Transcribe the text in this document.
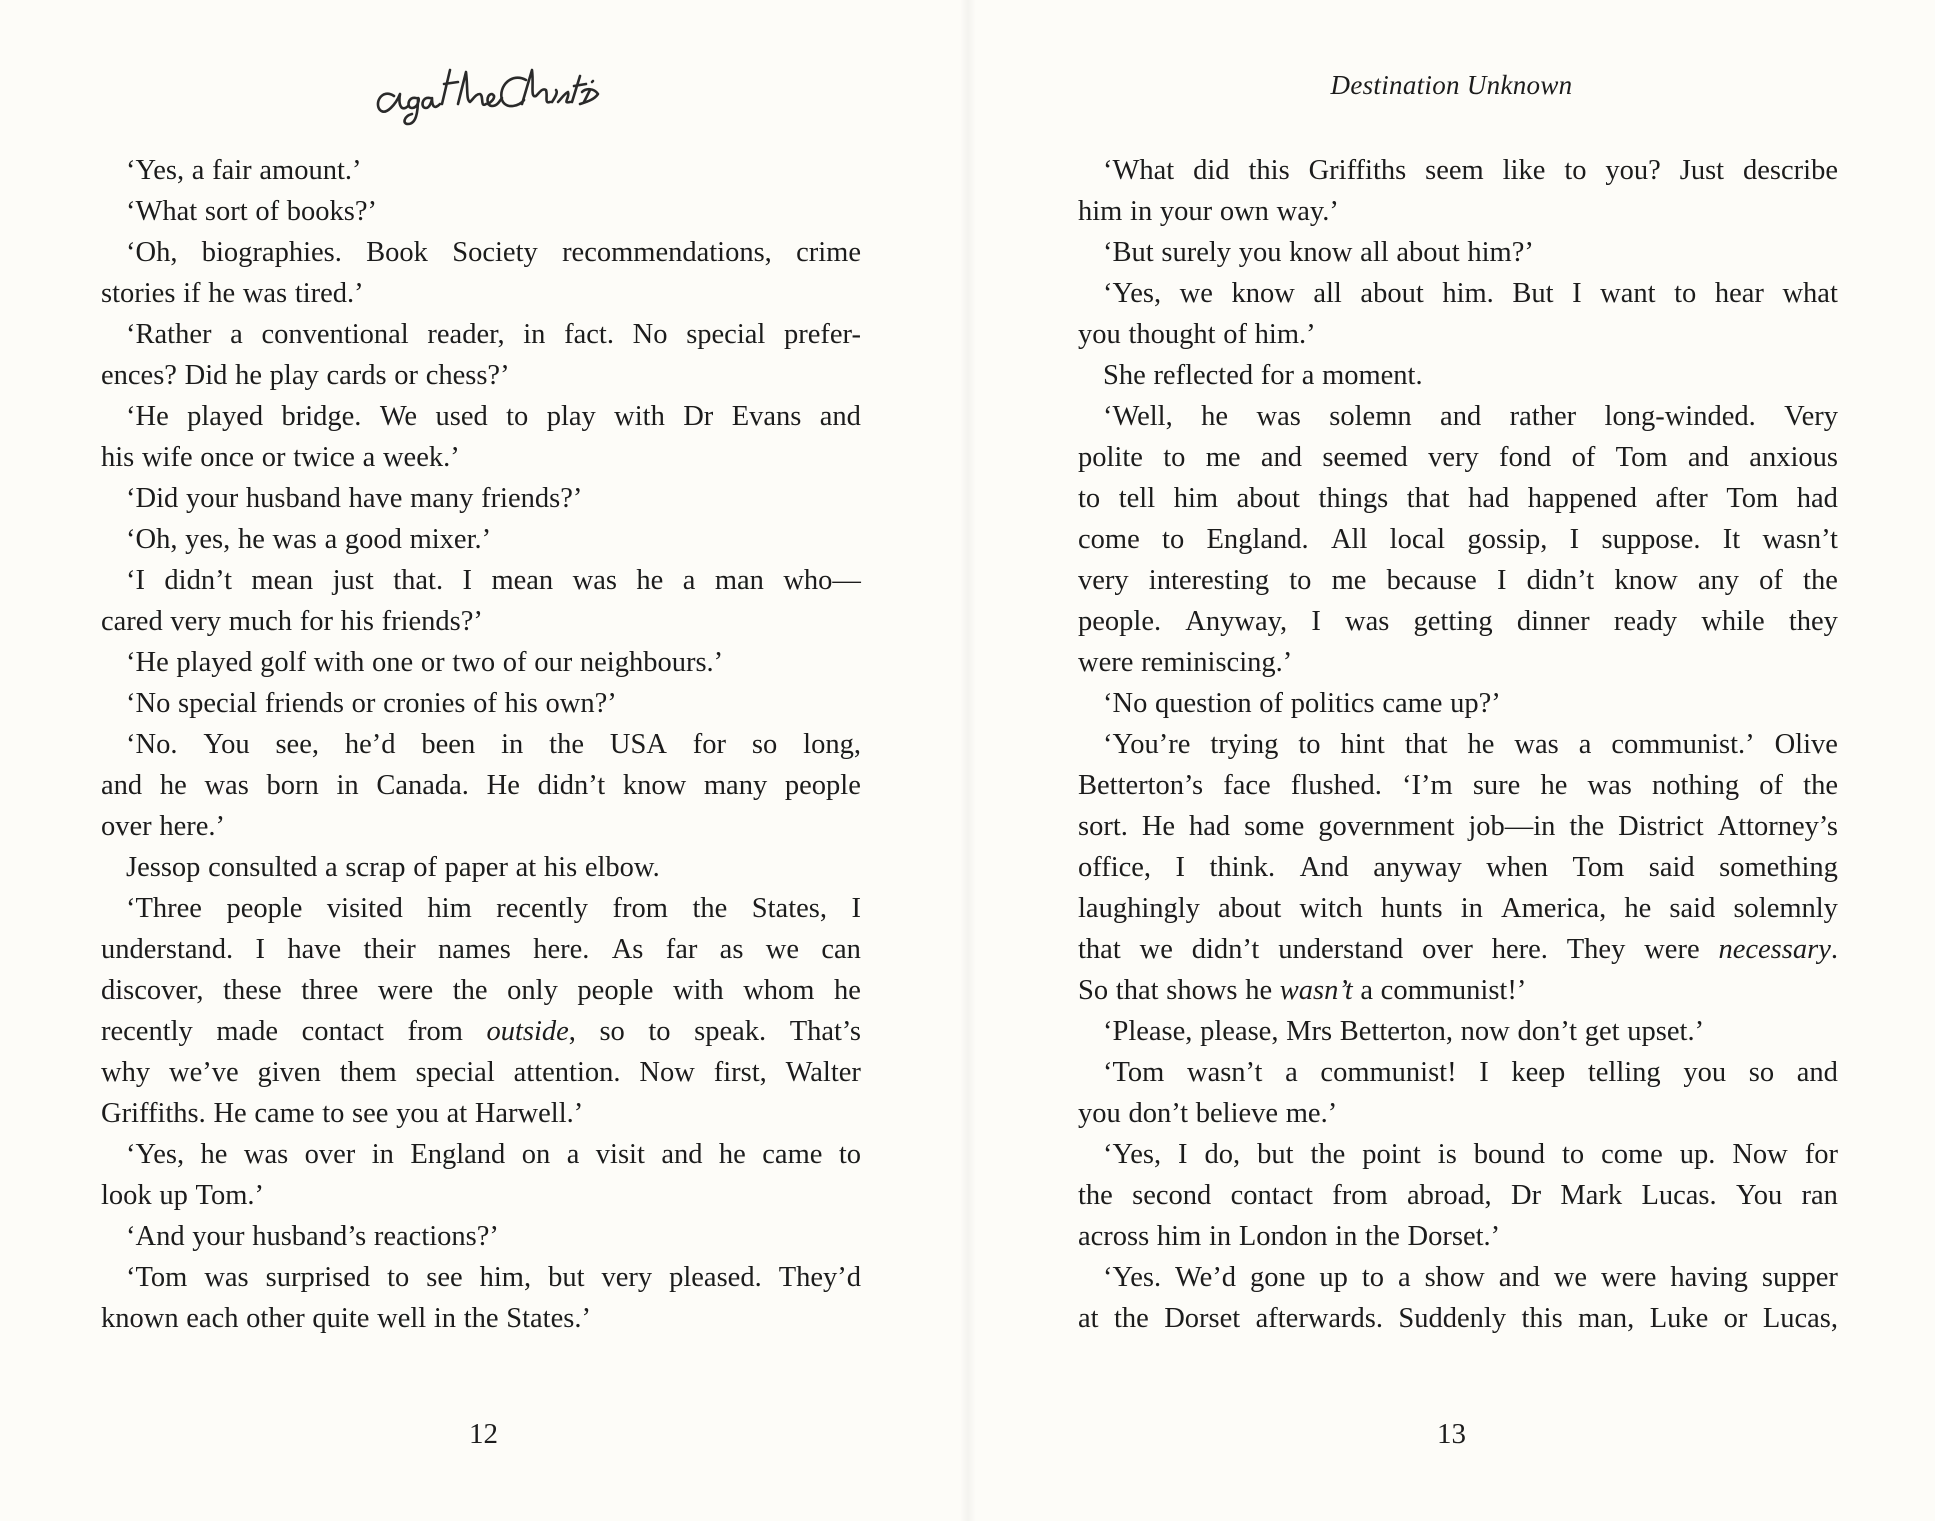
‘Yes, a fair amount.’
‘What sort of books?’
‘Oh, biographies. Book Society recommendations, crime
stories if he was tired.’
‘Rather a conventional reader, in fact. No special prefer-
ences? Did he play cards or chess?’
‘He played bridge. We used to play with Dr Evans and
his wife once or twice a week.’
‘Did your husband have many friends?’
‘Oh, yes, he was a good mixer.’
‘I didn’t mean just that. I mean was he a man who—
cared very much for his friends?’
‘He played golf with one or two of our neighbours.’
‘No special friends or cronies of his own?’
‘No. You see, he’d been in the USA for so long,
and he was born in Canada. He didn’t know many people
over here.’
Jessop consulted a scrap of paper at his elbow.
‘Three people visited him recently from the States, I
understand. I have their names here. As far as we can
discover, these three were the only people with whom he
recently made contact from outside, so to speak. That’s
why we’ve given them special attention. Now first, Walter
Griffiths. He came to see you at Harwell.’
‘Yes, he was over in England on a visit and he came to
look up Tom.’
‘And your husband’s reactions?’
‘Tom was surprised to see him, but very pleased. They’d
known each other quite well in the States.’
12
Destination Unknown
‘What did this Griffiths seem like to you? Just describe
him in your own way.’
‘But surely you know all about him?’
‘Yes, we know all about him. But I want to hear what
you thought of him.’
She reflected for a moment.
‘Well, he was solemn and rather long-winded. Very
polite to me and seemed very fond of Tom and anxious
to tell him about things that had happened after Tom had
come to England. All local gossip, I suppose. It wasn’t
very interesting to me because I didn’t know any of the
people. Anyway, I was getting dinner ready while they
were reminiscing.’
‘No question of politics came up?’
‘You’re trying to hint that he was a communist.’ Olive
Betterton’s face flushed. ‘I’m sure he was nothing of the
sort. He had some government job—in the District Attorney’s
office, I think. And anyway when Tom said something
laughingly about witch hunts in America, he said solemnly
that we didn’t understand over here. They were necessary.
So that shows he wasn’t a communist!’
‘Please, please, Mrs Betterton, now don’t get upset.’
‘Tom wasn’t a communist! I keep telling you so and
you don’t believe me.’
‘Yes, I do, but the point is bound to come up. Now for
the second contact from abroad, Dr Mark Lucas. You ran
across him in London in the Dorset.’
‘Yes. We’d gone up to a show and we were having supper
at the Dorset afterwards. Suddenly this man, Luke or Lucas,
13
